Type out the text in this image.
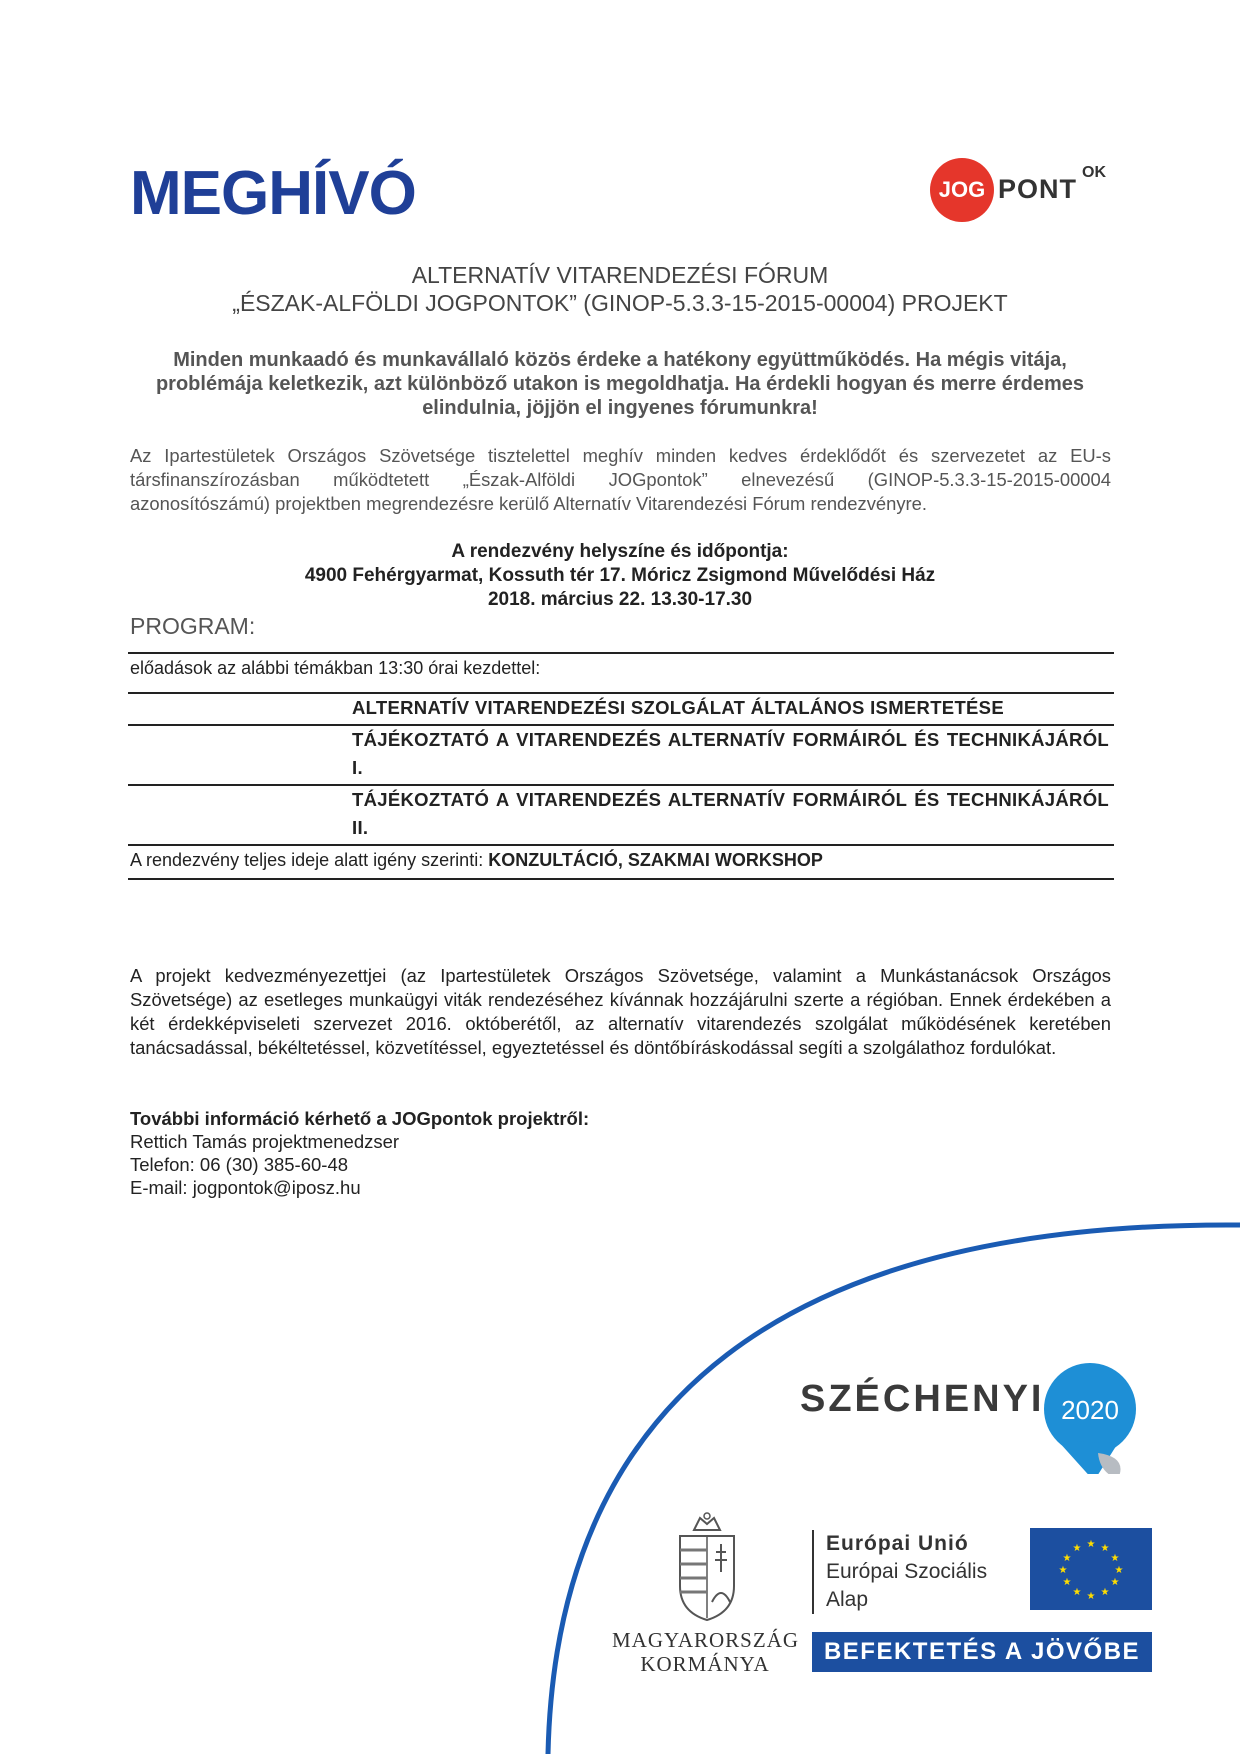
MEGHÍVÓ	JOG PONT
OK
ALTERNATÍV VITARENDEZÉSI FÓRUM
„ÉSZAK-ALFÖLDI JOGPONTOK” (GINOP-5.3.3-15-2015-00004) PROJEKT
Minden munkaadó és munkavállaló közös érdeke a hatékony együttműködés. Ha mégis vitája,
problémája keletkezik, azt különböző utakon is megoldhatja. Ha érdekli hogyan és merre érdemes
elindulnia, jöjjön el ingyenes fórumunkra!
Az Ipartestületek Országos Szövetsége tisztelettel meghív minden kedves érdeklődőt és szervezetet az EU-s társfinanszírozásban működtetett „Észak-Alföldi JOGpontok” elnevezésű (GINOP-5.3.3-15-2015-00004 azonosítószámú) projektben megrendezésre kerülő Alternatív Vitarendezési Fórum rendezvényre.
A rendezvény helyszíne és időpontja:
4900 Fehérgyarmat, Kossuth tér 17. Móricz Zsigmond Művelődési Ház
2018. március 22. 13.30-17.30
PROGRAM:
előadások az alábbi témákban 13:30 órai kezdettel:
ALTERNATÍV VITARENDEZÉSI SZOLGÁLAT ÁLTALÁNOS ISMERTETÉSE
TÁJÉKOZTATÓ A VITARENDEZÉS ALTERNATÍV FORMÁIRÓL ÉS TECHNIKÁJÁRÓL I.
TÁJÉKOZTATÓ A VITARENDEZÉS ALTERNATÍV FORMÁIRÓL ÉS TECHNIKÁJÁRÓL II.
A rendezvény teljes ideje alatt igény szerinti: KONZULTÁCIÓ, SZAKMAI WORKSHOP
A projekt kedvezményezettjei (az Ipartestületek Országos Szövetsége, valamint a Munkástanácsok Országos Szövetsége) az esetleges munkaügyi viták rendezéséhez kívánnak hozzájárulni szerte a régióban. Ennek érdekében a két érdekképviseleti szervezet 2016. októberétől, az alternatív vitarendezés szolgálat működésének keretében tanácsadással, békéltetéssel, közvetítéssel, egyeztetéssel és döntőbíráskodással segíti a szolgálathoz fordulókat.
További információ kérhető a JOGpontok projektről:
Rettich Tamás projektmenedzser
Telefon: 06 (30) 385-60-48
E-mail: jogpontok@iposz.hu
SZÉCHENYI 2020
MAGYARORSZÁG
KORMÁNYA
Európai Unió
Európai Szociális
Alap
★ ★
★
★
★
★
★
★
★
★
★
★
BEFEKTETÉS A JÖVŐBE
